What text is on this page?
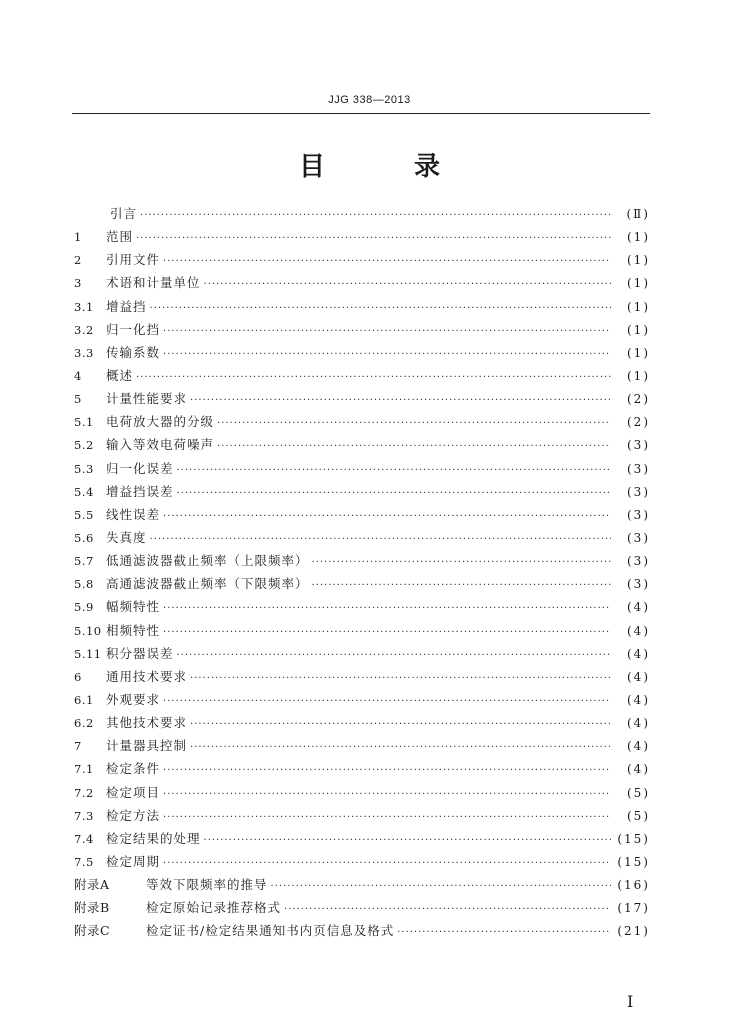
JJG 338—2013
目 录
引言 ·····	(Ⅱ)
1	范围 ·····	(1)
2	引用文件 ·····	(1)
3	术语和计量单位 ·····	(1)
3.1 增益挡 ·····	(1)
3.2 归一化挡 ·····	(1)
3.3 传输系数 ·····	(1)
4	概述 ·····	(1)
5	计量性能要求 ·····	(2)
5.1 电荷放大器的分级 ·····	(2)
5.2 输入等效电荷噪声 ·····	(3)
5.3 归一化误差 ·····	(3)
5.4 增益挡误差 ·····	(3)
5.5 线性误差 ·····	(3)
5.6 失真度 ·····	(3)
5.7 低通滤波器截止频率（上限频率） ·····	(3)
5.8 高通滤波器截止频率（下限频率） ·····	(3)
5.9 幅频特性 ·····	(4)
5.10 相频特性 ·····	(4)
5.11 积分器误差 ·····	(4)
6	通用技术要求 ·····	(4)
6.1 外观要求 ·····	(4)
6.2 其他技术要求 ·····	(4)
7	计量器具控制 ·····	(4)
7.1 检定条件 ·····	(4)
7.2 检定项目 ·····	(5)
7.3 检定方法 ·····	(5)
7.4 检定结果的处理 ·····	(15)
7.5 检定周期 ·····	(15)
附录A	等效下限频率的推导 ·····	(16)
附录B	检定原始记录推荐格式 ·····	(17)
附录C	检定证书/检定结果通知书内页信息及格式 ·····	(21)
I
